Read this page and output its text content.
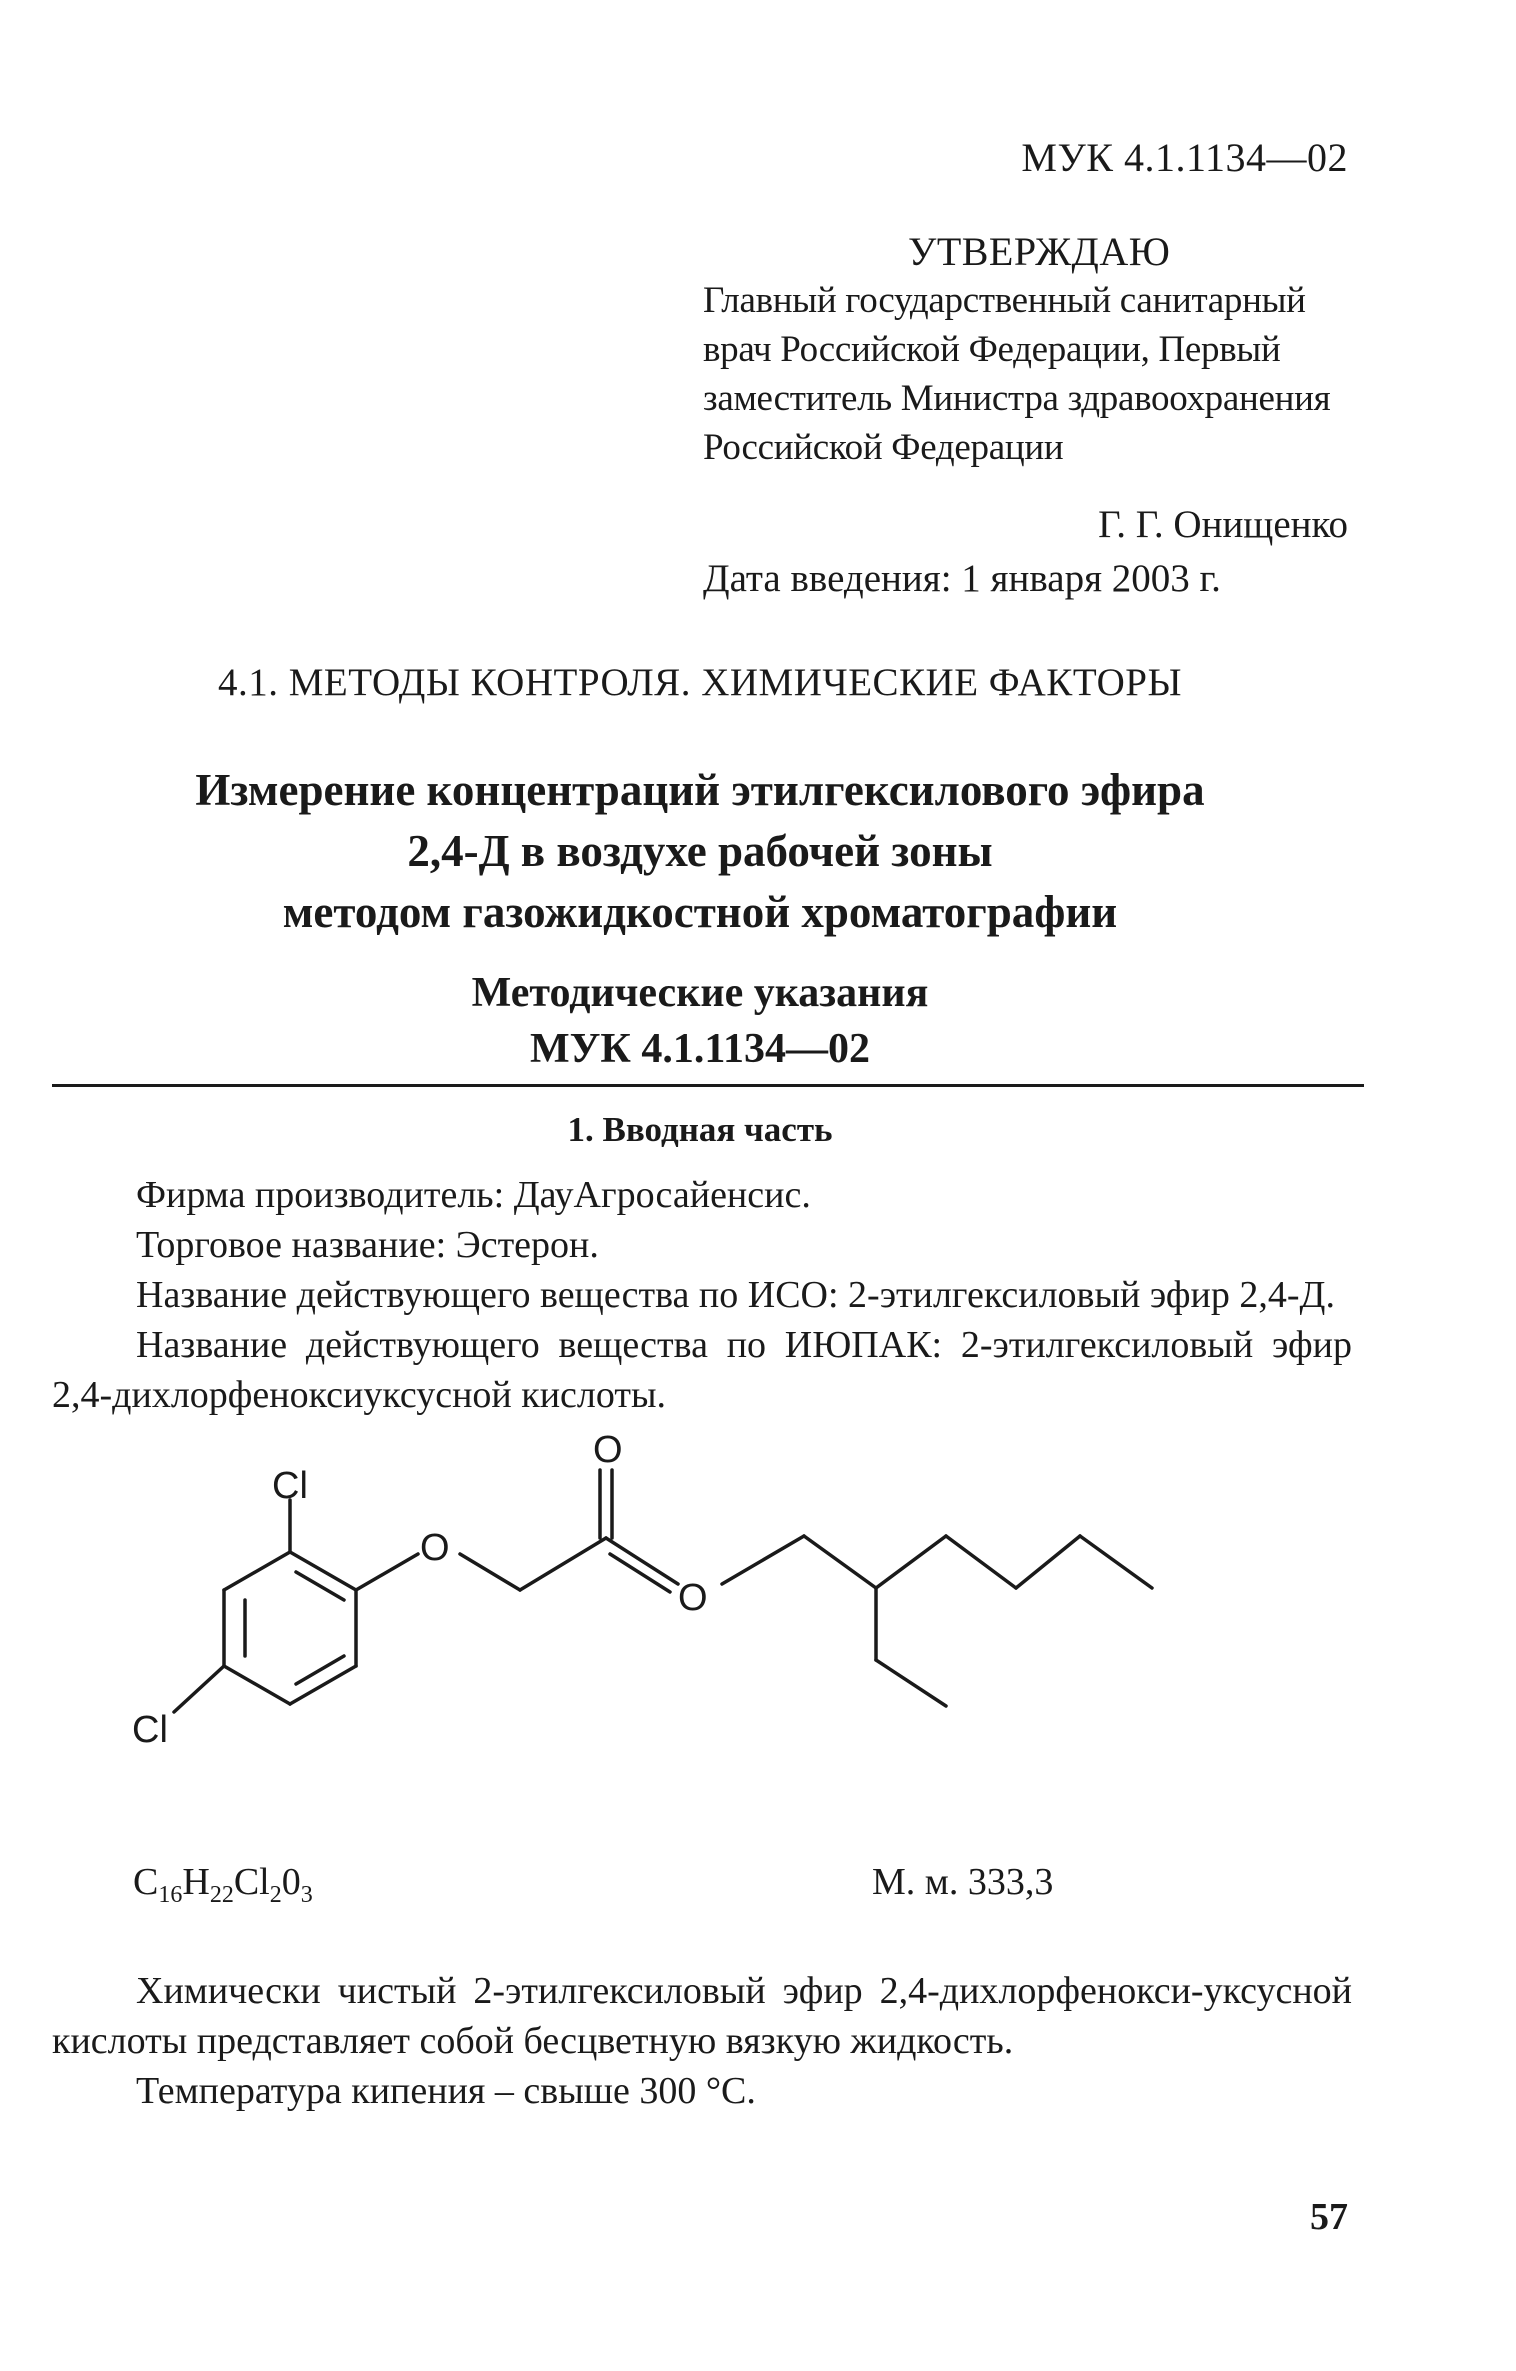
МУК 4.1.1134—02
УТВЕРЖДАЮ
Главный государственный санитарный
врач Российской Федерации, Первый
заместитель Министра здравоохранения
Российской Федерации
Г. Г. Онищенко
Дата введения: 1 января 2003 г.
4.1. МЕТОДЫ КОНТРОЛЯ. ХИМИЧЕСКИЕ ФАКТОРЫ
Измерение концентраций этилгексилового эфира
2,4-Д в воздухе рабочей зоны
методом газожидкостной хроматографии
Методические указания
МУК 4.1.1134—02
1. Вводная часть

Фирма производитель: ДауАгросайенсис.

Торговое название: Эстерон.

Название действующего вещества по ИСО: 2-этилгексиловый эфир 2,4-Д.

Название действующего вещества по ИЮПАК: 2-этилгексиловый эфир 2,4-дихлорфеноксиуксусной кислоты.

Cl
Cl
O
O
O
$C_{16}H_{22}Cl_20_3$	М. м. 333,3

Химически чистый 2-этилгексиловый эфир 2,4-дихлорфенокси-уксусной кислоты представляет собой бесцветную вязкую жидкость.

Температура кипения – свыше 300 °С.

57
